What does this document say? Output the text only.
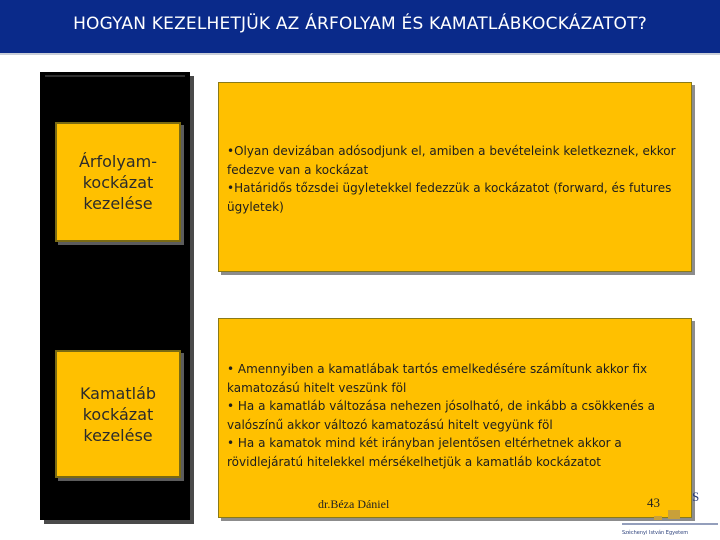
HOGYAN KEZELHETJÜK AZ ÁRFOLYAM ÉS KAMATLÁBKOCKÁZATOT?
Árfolyam-
kockázat
kezelése
•Olyan devizában adósodjunk el, amiben a bevételeink keletkeznek, ekkor fedezve van a kockázat
•Határidős tőzsdei ügyletekkel fedezzük a kockázatot (forward, és futures ügyletek)
Kamatláb
kockázat
kezelése
• Amennyiben a kamatlábak tartós emelkedésére számítunk akkor fix kamatozású hitelt veszünk föl
• Ha a kamatláb változása nehezen jósolható, de inkább a csökkenés a valószínű akkor változó kamatozású hitelt vegyünk föl
• Ha a kamatok mind két irányban jelentősen eltérhetnek akkor a rövidlejáratú hitelekkel mérsékelhetjük a kamatláb kockázatot
S
Széchenyi István Egyetem
dr.Béza Dániel	43
